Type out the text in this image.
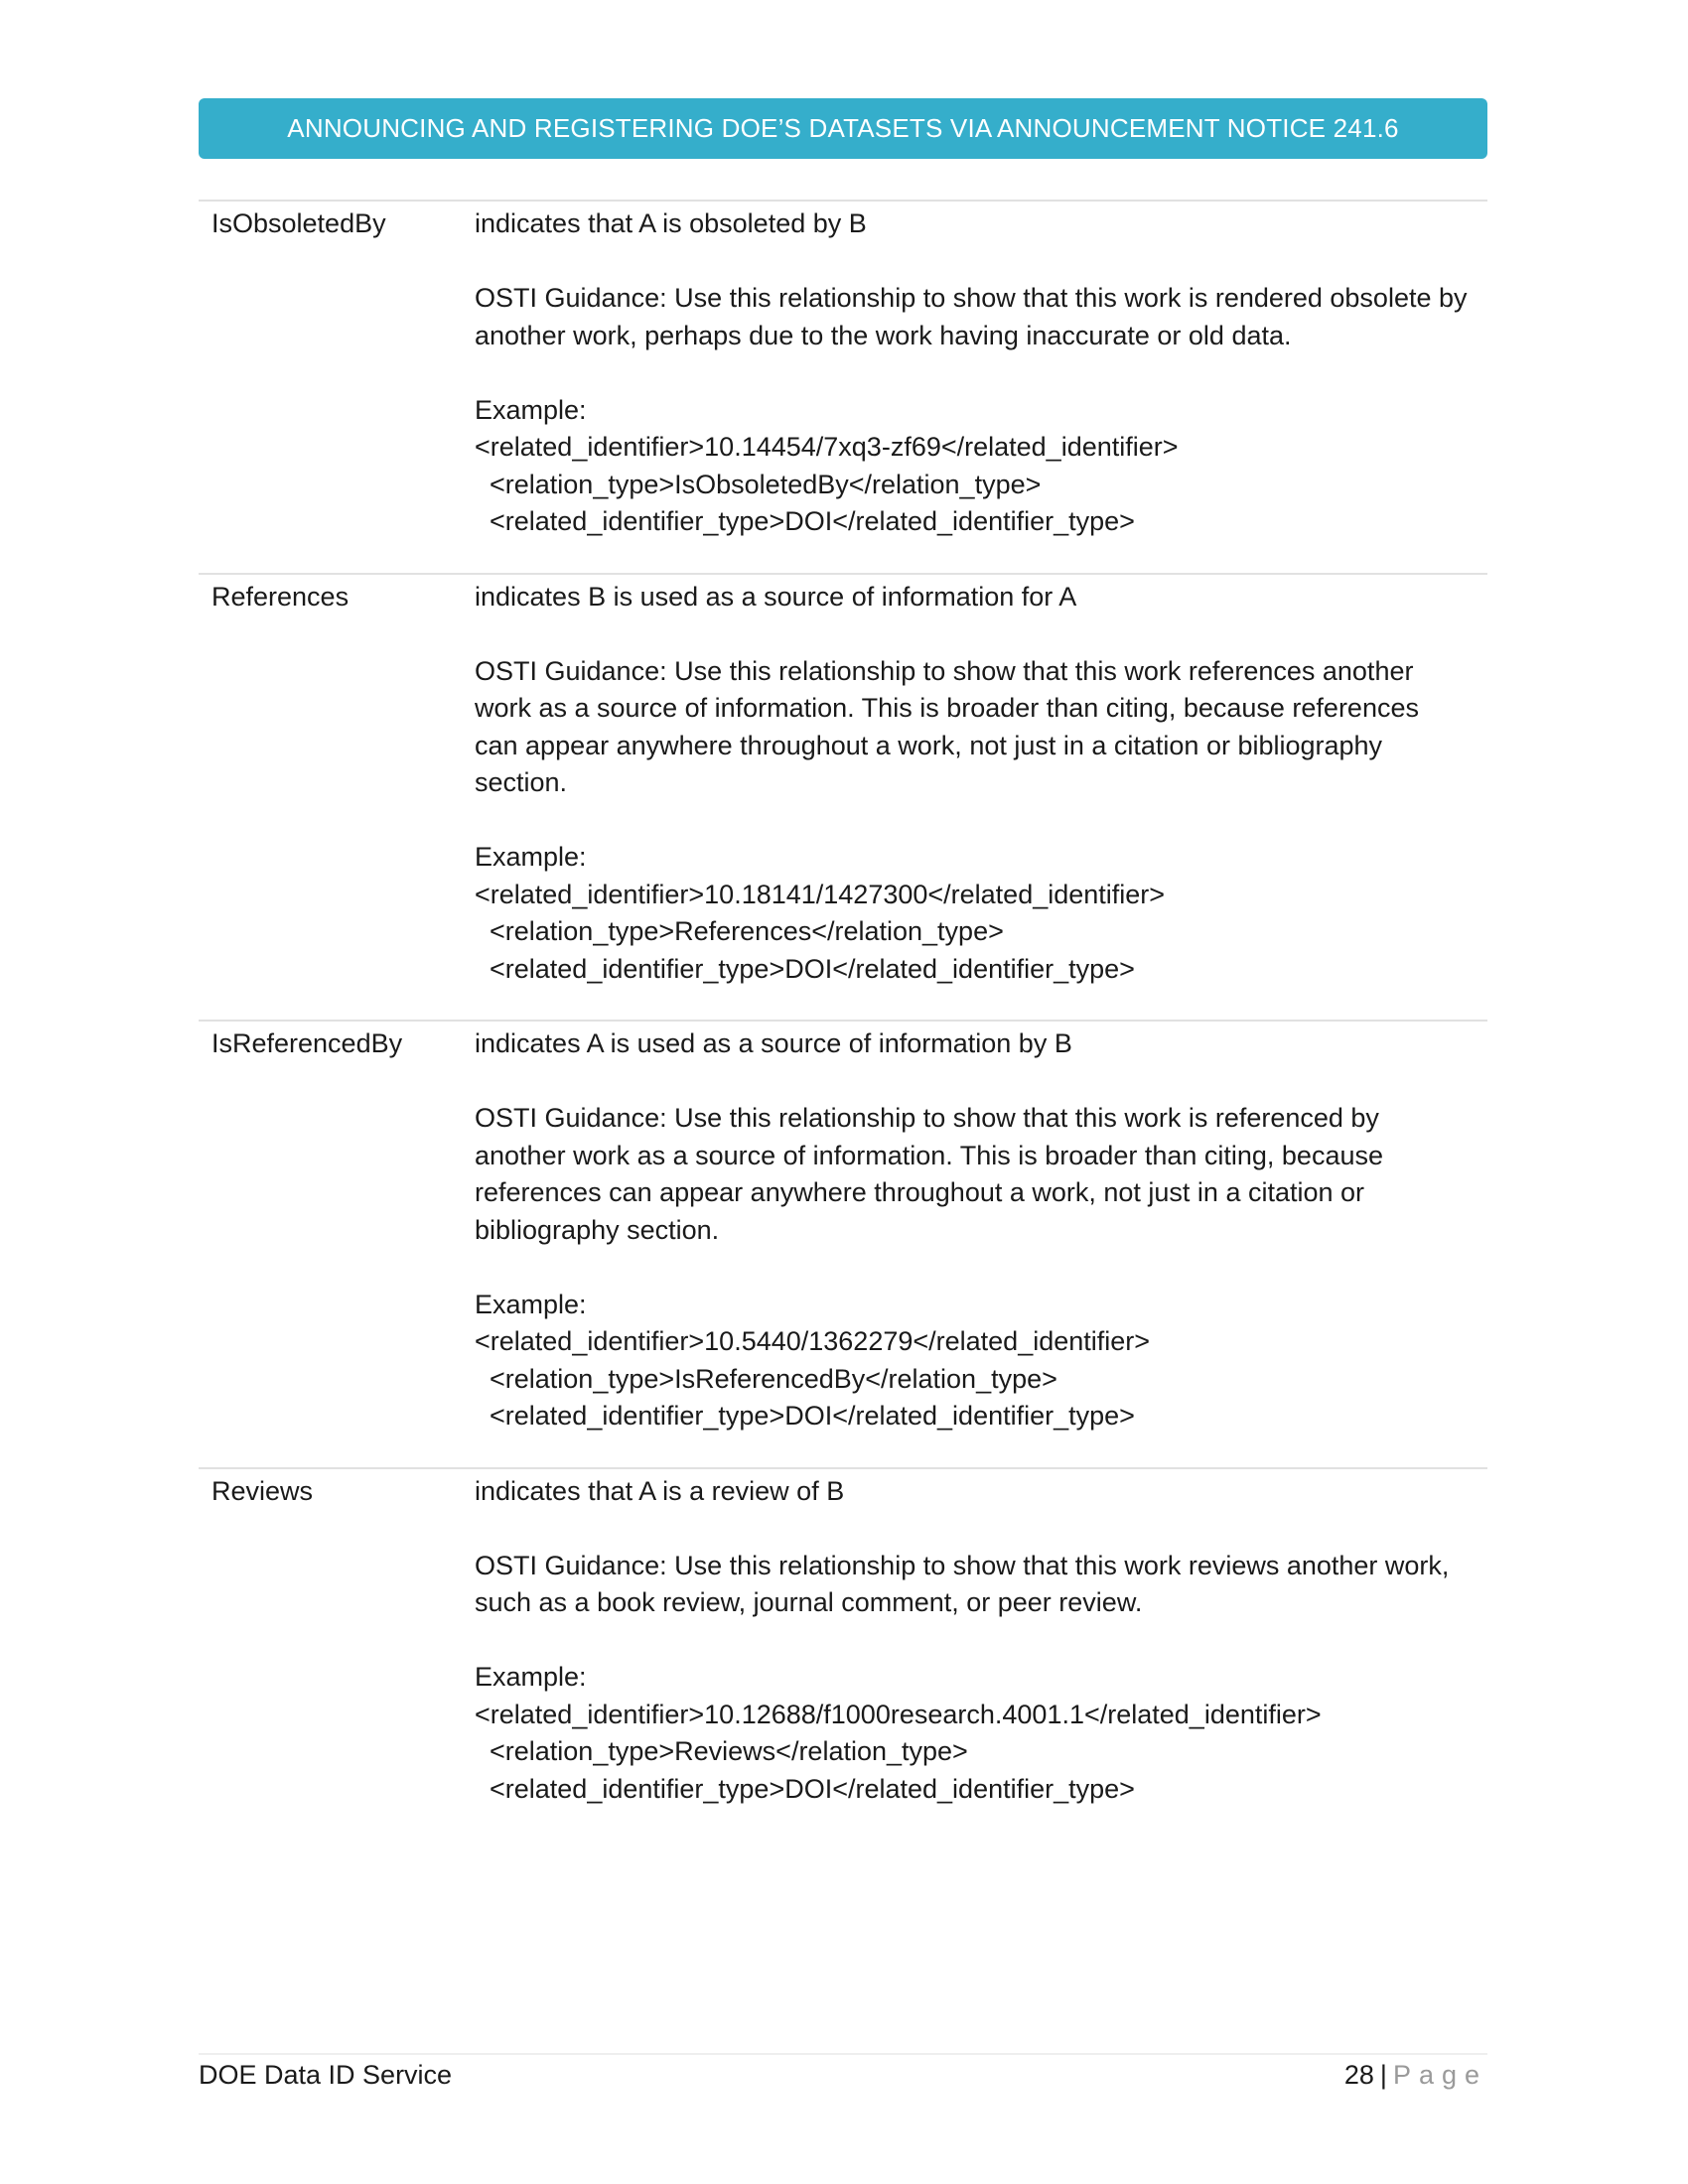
ANNOUNCING AND REGISTERING DOE’S DATASETS VIA ANNOUNCEMENT NOTICE 241.6
IsObsoletedBy	indicates that A is obsoleted by B

OSTI Guidance: Use this relationship to show that this work is rendered obsolete by another work, perhaps due to the work having inaccurate or old data.

Example:

<related_identifier>10.14454/7xq3-zf69</related_identifier>
<relation_type>IsObsoletedBy</relation_type>
<related_identifier_type>DOI</related_identifier_type>
References	indicates B is used as a source of information for A

OSTI Guidance: Use this relationship to show that this work references another work as a source of information. This is broader than citing, because references can appear anywhere throughout a work, not just in a citation or bibliography section.

Example:

<related_identifier>10.18141/1427300</related_identifier>
<relation_type>References</relation_type>
<related_identifier_type>DOI</related_identifier_type>
IsReferencedBy	indicates A is used as a source of information by B

OSTI Guidance: Use this relationship to show that this work is referenced by another work as a source of information. This is broader than citing, because references can appear anywhere throughout a work, not just in a citation or bibliography section.

Example:

<related_identifier>10.5440/1362279</related_identifier>
<relation_type>IsReferencedBy</relation_type>
<related_identifier_type>DOI</related_identifier_type>
Reviews	indicates that A is a review of B

OSTI Guidance: Use this relationship to show that this work reviews another work, such as a book review, journal comment, or peer review.

Example:

<related_identifier>10.12688/f1000research.4001.1</related_identifier>
<relation_type>Reviews</relation_type>
<related_identifier_type>DOI</related_identifier_type>
DOE Data ID Service	28 | Page
